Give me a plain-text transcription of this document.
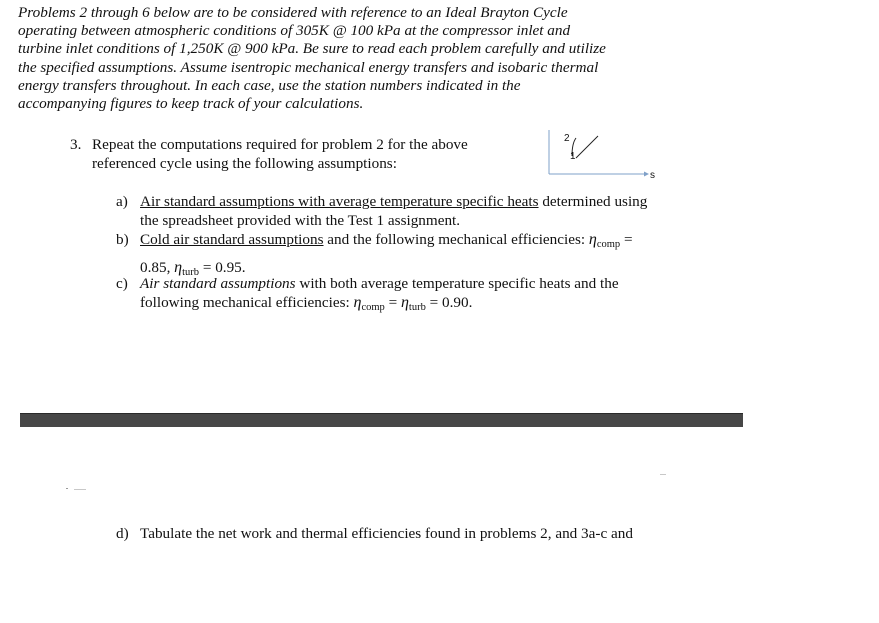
Problems 2 through 6 below are to be considered with reference to an Ideal Brayton Cycle
operating between atmospheric conditions of 305K @ 100 kPa at the compressor inlet and
turbine inlet conditions of 1,250K @ 900 kPa. Be sure to read each problem carefully and utilize
the specified assumptions. Assume isentropic mechanical energy transfers and isobaric thermal
energy transfers throughout. In each case, use the station numbers indicated in the
accompanying figures to keep track of your calculations.
3. Repeat the computations required for problem 2 for the above
referenced cycle using the following assumptions:
2
1
s
a) Air standard assumptions with average temperature specific heats determined using
the spreadsheet provided with the Test 1 assignment.
b) Cold air standard assumptions and the following mechanical efficiencies: ηcomp =
0.85, ηturb = 0.95.
c) Air standard assumptions with both average temperature specific heats and the
following mechanical efficiencies: ηcomp = ηturb = 0.90.
d) Tabulate the net work and thermal efficiencies found in problems 2, and 3a-c and
